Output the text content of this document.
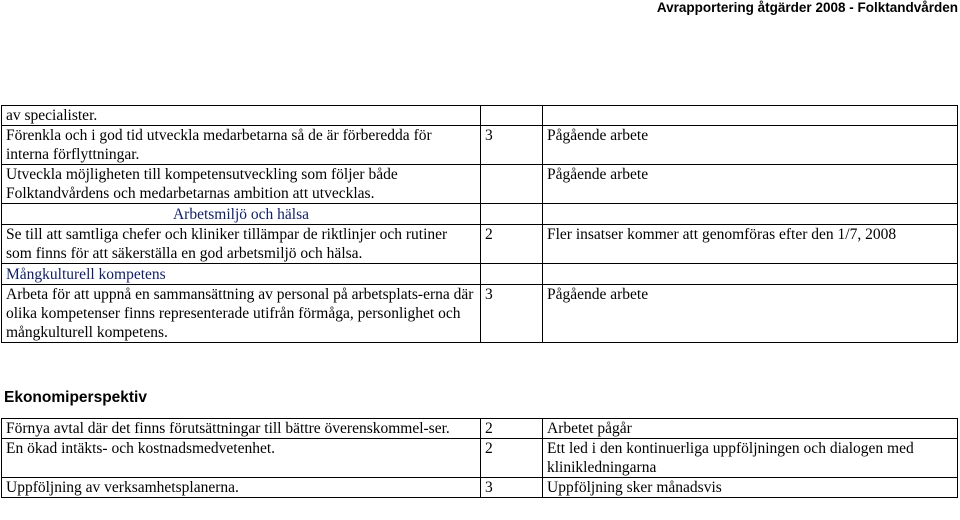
Avrapportering åtgärder 2008 - Folktandvården
av specialister.		
Förenkla och i god tid utveckla medarbetarna så de är förberedda för interna förflyttningar.	3	Pågående arbete
Utveckla möjligheten till kompetensutveckling som följer både Folktandvårdens och medarbetarnas ambition att utvecklas.		Pågående arbete

Arbetsmiljö och hälsa		

Se till att samtliga chefer och kliniker tillämpar de riktlinjer och rutiner som finns för att säkerställa en god arbetsmiljö och hälsa.	2	Fler insatser kommer att genomföras efter den 1/7, 2008

Mångkulturell kompetens		

Arbeta för att uppnå en sammansättning av personal på arbetsplats-erna där olika kompetenser finns representerade utifrån förmåga, personlighet och mångkulturell kompetens.	3	Pågående arbete
Ekonomiperspektiv
Förnya avtal där det finns förutsättningar till bättre överenskommel-ser.	2	Arbetet pågår
En ökad intäkts- och kostnadsmedvetenhet.	2	Ett led i den kontinuerliga uppföljningen och dialogen med klinikledningarna
Uppföljning av verksamhetsplanerna.	3	Uppföljning sker månadsvis
